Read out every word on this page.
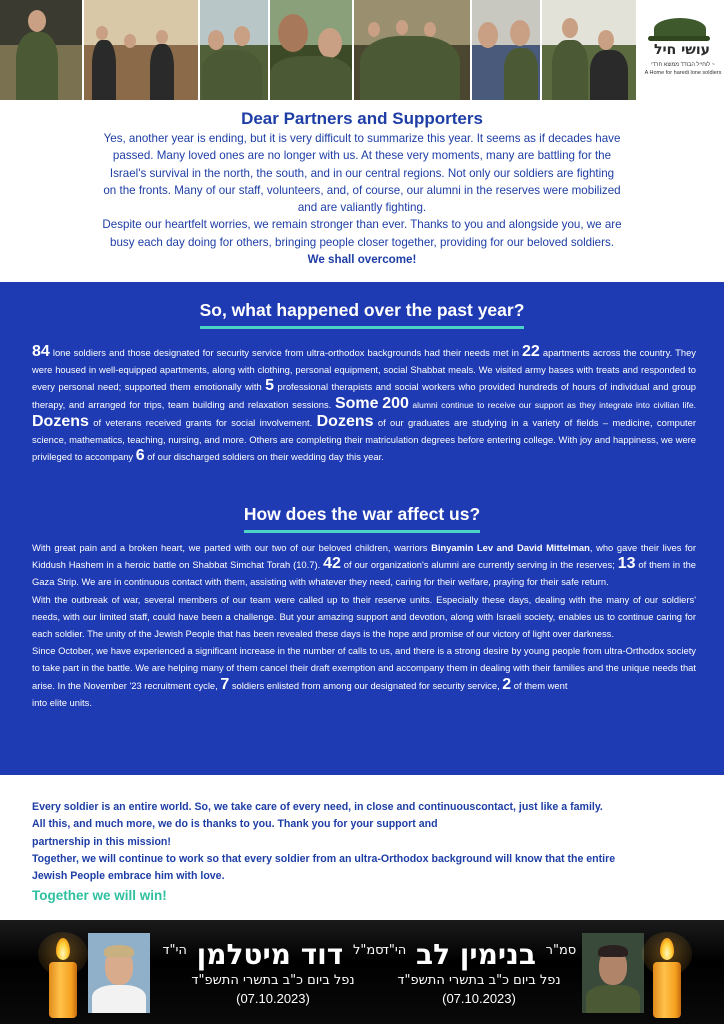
עושי חיל
~ לוחייל הבודד ממוצא חרדי
A Home for haredi lone soldiers
Dear Partners and Supporters
Yes, another year is ending, but it is very difficult to summarize this year. It seems as if decades have passed. Many loved ones are no longer with us. At these very moments, many are battling for the Israel's survival in the north, the south, and in our central regions. Not only our soldiers are fighting on the fronts. Many of our staff, volunteers, and, of course, our alumni in the reserves were mobilized and are valiantly fighting.
Despite our heartfelt worries, we remain stronger than ever. Thanks to you and alongside you, we are busy each day doing for others, bringing people closer together, providing for our beloved soldiers. We shall overcome!
So, what happened over the past year?
84 lone soldiers and those designated for security service from ultra-orthodox backgrounds had their needs met in 22 apartments across the country. They were housed in well-equipped apartments, along with clothing, personal equipment, social Shabbat meals. We visited army bases with treats and responded to every personal need; supported them emotionally with 5 professional therapists and social workers who provided hundreds of hours of individual and group therapy, and arranged for trips, team building and relaxation sessions. Some 200 alumni continue to receive our support as they integrate into civilian life. Dozens of veterans received grants for social involvement. Dozens of our graduates are studying in a variety of fields – medicine, computer science, mathematics, teaching, nursing, and more. Others are completing their matriculation degrees before entering college. With joy and happiness, we were privileged to accompany 6 of our discharged soldiers on their wedding day this year.
How does the war affect us?
With great pain and a broken heart, we parted with our two of our beloved children, warriors Binyamin Lev and David Mittelman, who gave their lives for Kiddush Hashem in a heroic battle on Shabbat Simchat Torah (10.7). 42 of our organization's alumni are currently serving in the reserves; 13 of them in the Gaza Strip. We are in continuous contact with them, assisting with whatever they need, caring for their welfare, praying for their safe return.
With the outbreak of war, several members of our team were called up to their reserve units. Especially these days, dealing with the many of our soldiers' needs, with our limited staff, could have been a challenge. But your amazing support and devotion, along with Israeli society, enables us to continue caring for each soldier. The unity of the Jewish People that has been revealed these days is the hope and promise of our victory of light over darkness.
Since October, we have experienced a significant increase in the number of calls to us, and there is a strong desire by young people from ultra-Orthodox society to take part in the battle. We are helping many of them cancel their draft exemption and accompany them in dealing with their families and the unique needs that arise. In the November '23 recruitment cycle, 7 soldiers enlisted from among our designated for security service, 2 of them went
into elite units.
Every soldier is an entire world. So, we take care of every need, in close and continuouscontact, just like a family.
All this, and much more, we do is thanks to you. Thank you for your support and
partnership in this mission!
Together, we will continue to work so that every soldier from an ultra-Orthodox background will know that the entire
Jewish People embrace him with love.
Together we will win!
$^{סמ"ל}$ דוד מיטלמן $^{הי"ד}$
נפל ביום כ"ב בתשרי התשפ"ד
(07.10.2023)
$^{סמ"ר}$ בנימין לב $^{הי"ד}$
נפל ביום כ"ב בתשרי התשפ"ד
(07.10.2023)
